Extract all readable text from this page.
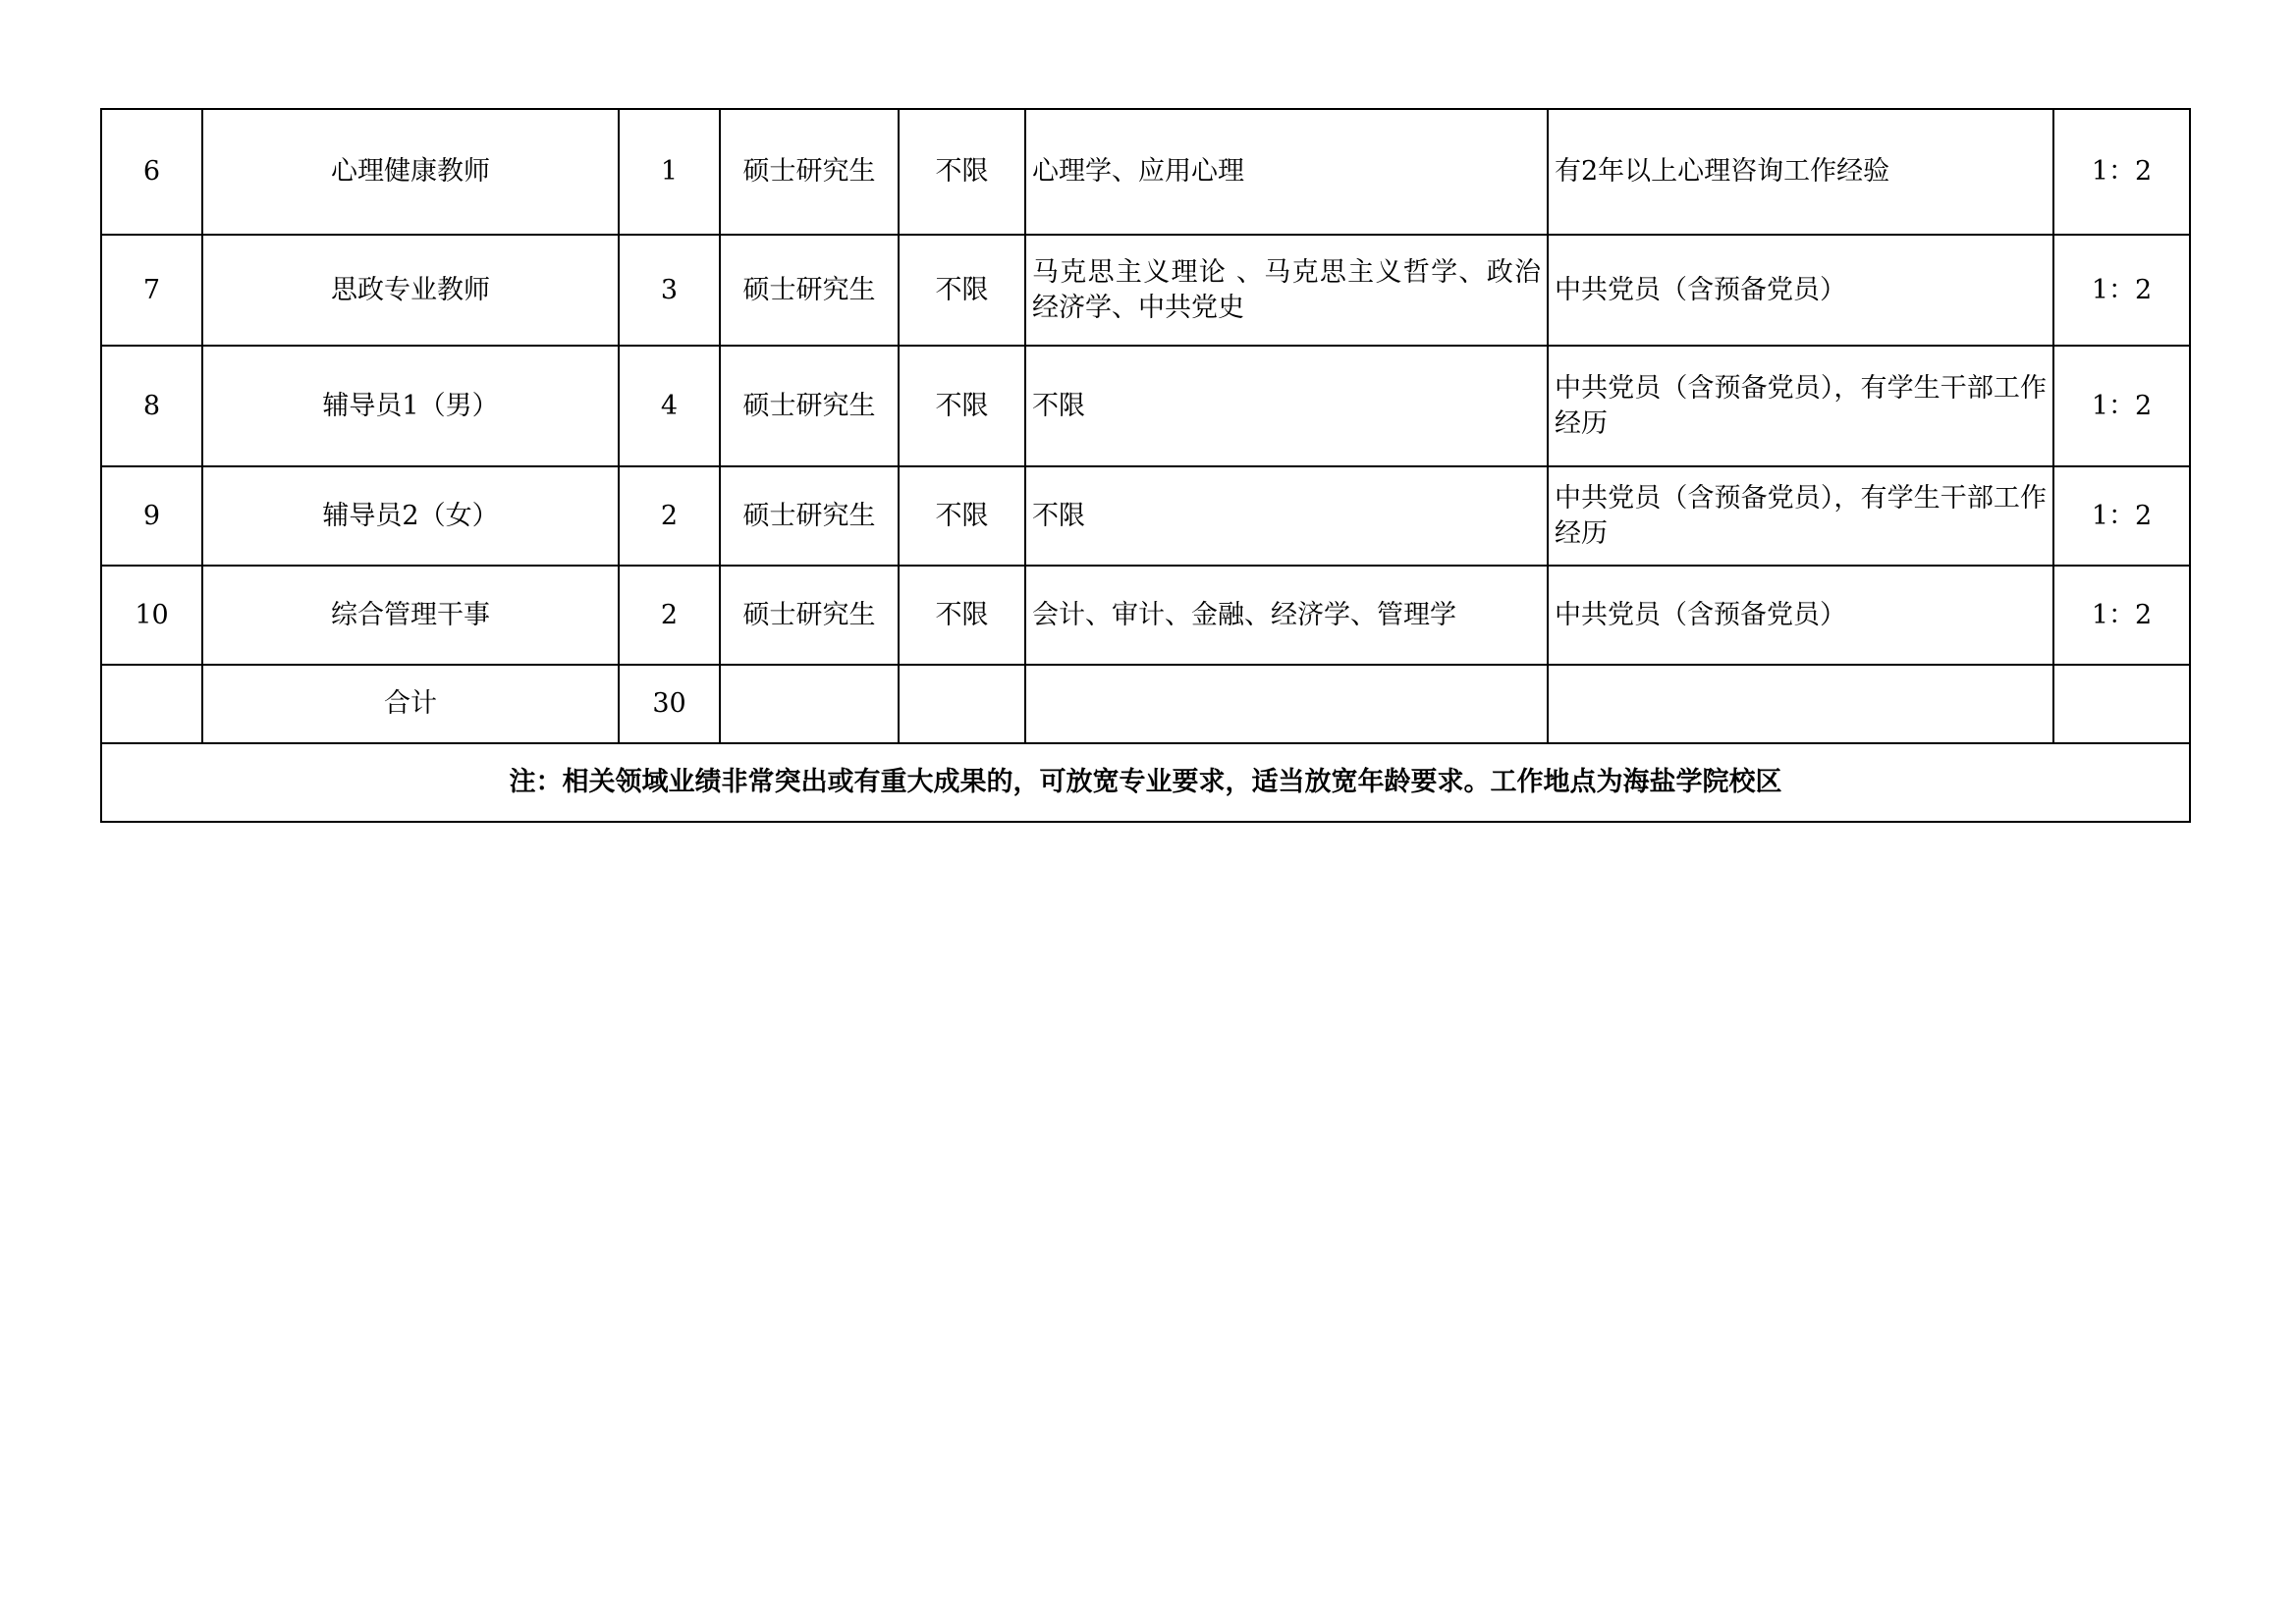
6	心理健康教师	1	硕士研究生	不限	心理学、应用心理	有2年以上心理咨询工作经验	1：2
7	思政专业教师	3	硕士研究生	不限	马克思主义理论 、马克思主义哲学、政治经济学、中共党史	中共党员（含预备党员）	1：2
8	辅导员1（男）	4	硕士研究生	不限	不限	中共党员（含预备党员），有学生干部工作经历	1：2
9	辅导员2（女）	2	硕士研究生	不限	不限	中共党员（含预备党员），有学生干部工作经历	1：2
10	综合管理干事	2	硕士研究生	不限	会计、审计、金融、经济学、管理学	中共党员（含预备党员）	1：2
	合计	30					
注：相关领域业绩非常突出或有重大成果的，可放宽专业要求，适当放宽年龄要求。工作地点为海盐学院校区							
